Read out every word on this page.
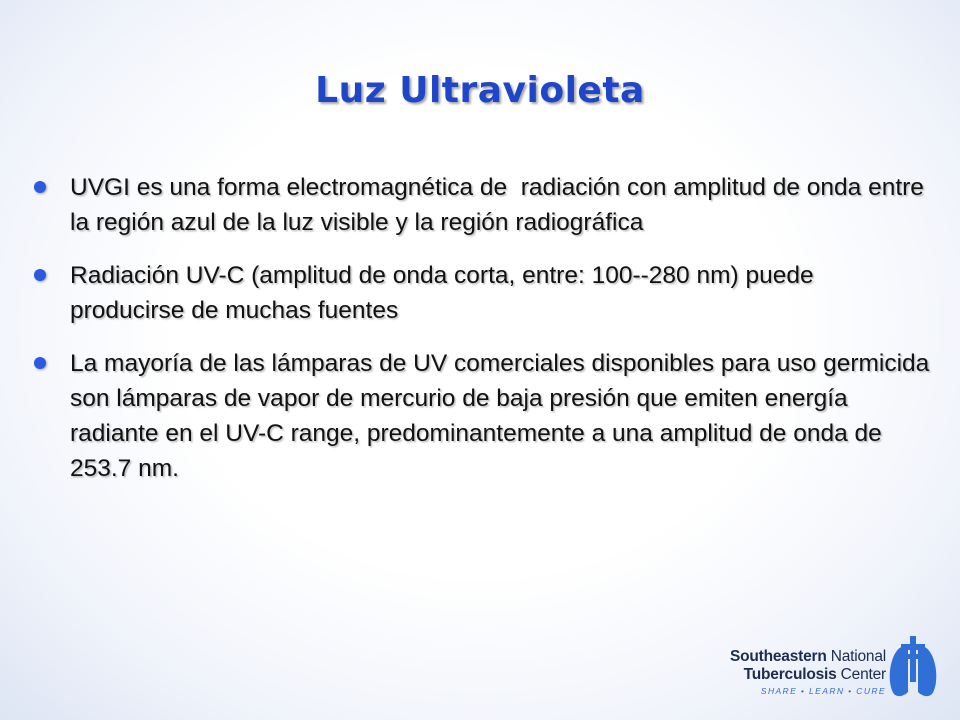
Luz Ultravioleta
UVGI es una forma electromagnética de  radiación con amplitud de onda entre la región azul de la luz visible y la región radiográfica
Radiación UV-C (amplitud de onda corta, entre: 100--280 nm) puede producirse de muchas fuentes
La mayoría de las lámparas de UV comerciales disponibles para uso germicida son lámparas de vapor de mercurio de baja presión que emiten energía radiante en el UV-C range, predominantemente a una amplitud de onda de 253.7 nm.
Southeastern National
Tuberculosis Center
SHARE • LEARN • CURE
